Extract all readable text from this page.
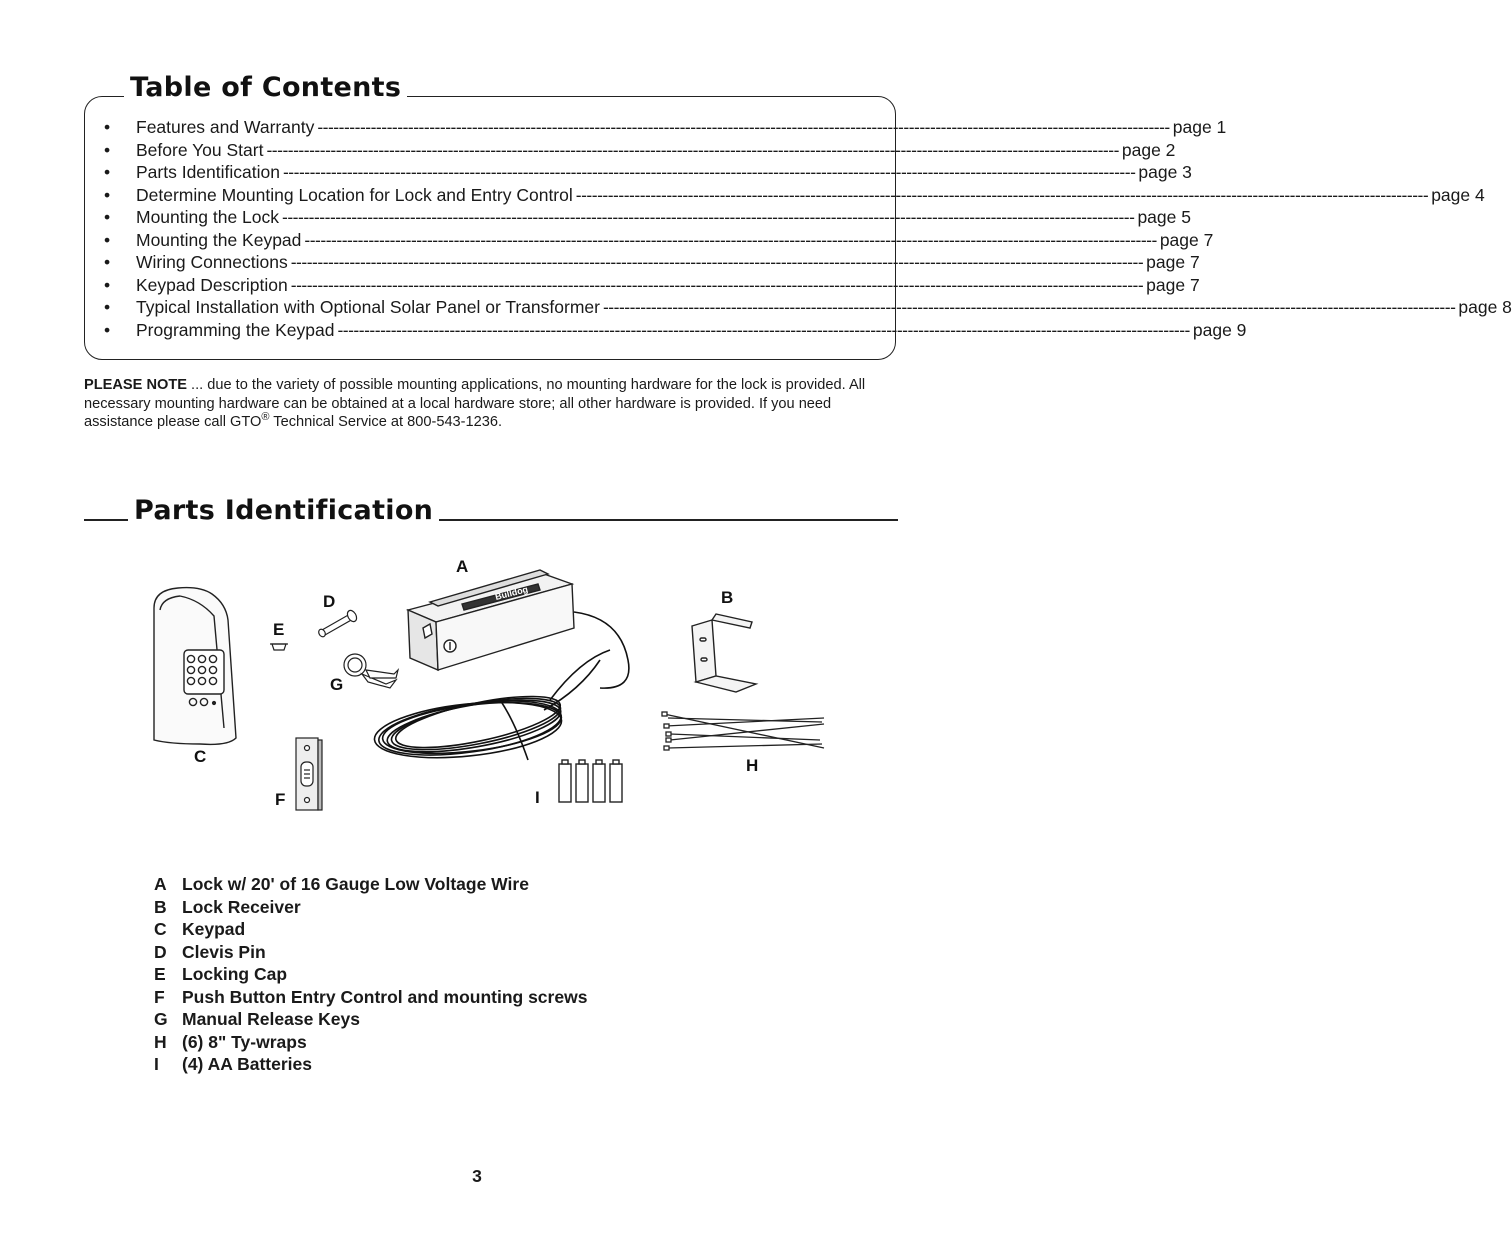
Table of Contents
•	Features and Warranty ---------------------------------------------------------------------------------------------------------------------------------------------------------------- page 1
•	Before You Start ---------------------------------------------------------------------------------------------------------------------------------------------------------------- page 2
•	Parts Identification ---------------------------------------------------------------------------------------------------------------------------------------------------------------- page 3
•	Determine Mounting Location for Lock and Entry Control ---------------------------------------------------------------------------------------------------------------------------------------------------------------- page 4
•	Mounting the Lock ---------------------------------------------------------------------------------------------------------------------------------------------------------------- page 5
•	Mounting the Keypad ---------------------------------------------------------------------------------------------------------------------------------------------------------------- page 7
•	Wiring Connections ---------------------------------------------------------------------------------------------------------------------------------------------------------------- page 7
•	Keypad Description ---------------------------------------------------------------------------------------------------------------------------------------------------------------- page 7
•	Typical Installation with Optional Solar Panel or Transformer ---------------------------------------------------------------------------------------------------------------------------------------------------------------- page 8
•	Programming the Keypad ---------------------------------------------------------------------------------------------------------------------------------------------------------------- page 9

PLEASE NOTE ... due to the variety of possible mounting applications, no mounting hardware for the lock is provided. All necessary mounting hardware can be obtained at a local hardware store; all other hardware is provided. If you need assistance please call GTO® Technical Service at 800-543-1236.

Parts Identification
Bulldog
A
B
C
D
E
F
G
H
I
A Lock w/ 20' of 16 Gauge Low Voltage Wire
B Lock Receiver
C Keypad
D Clevis Pin
E Locking Cap
F Push Button Entry Control and mounting screws
G Manual Release Keys
H (6) 8" Ty-wraps
I	(4) AA Batteries

3
